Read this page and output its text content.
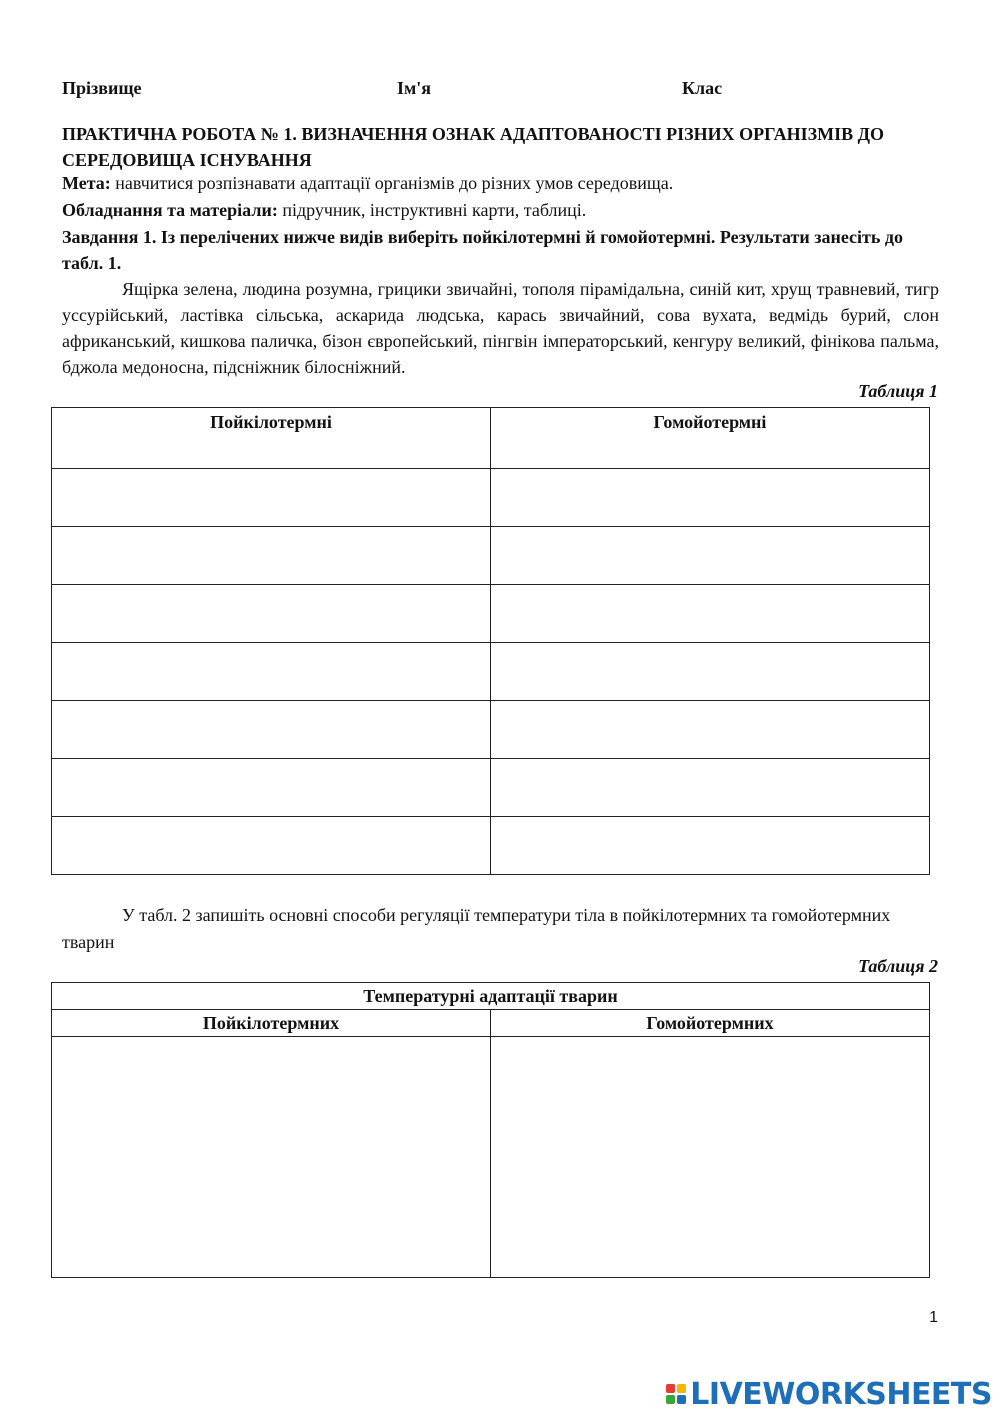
Прізвище	Ім'я	Клас
ПРАКТИЧНА РОБОТА № 1. ВИЗНАЧЕННЯ ОЗНАК АДАПТОВАНОСТІ РІЗНИХ ОРГАНІЗМІВ ДО СЕРЕДОВИЩА ІСНУВАННЯ
Мета: навчитися розпізнавати адаптації організмів до різних умов середовища.
Обладнання та матеріали: підручник, інструктивні карти, таблиці.
Завдання 1. Із перелічених нижче видів виберіть пойкілотермні й гомойотермні. Результати занесіть до табл. 1.
Ящірка зелена, людина розумна, грицики звичайні, тополя пірамідальна, синій кит, хрущ травневий, тигр уссурійський, ластівка сільська, аскарида людська, карась звичайний, сова вухата, ведмідь бурий, слон африканський, кишкова паличка, бізон європейський, пінгвін імператорський, кенгуру великий, фінікова пальма, бджола медоносна, підсніжник білосніжний.
Таблиця 1
Пойкілотермні	Гомойотермні

У табл. 2 запишіть основні способи регуляції температури тіла в пойкілотермних та гомойотермних тварин
Таблиця 2
Температурні адаптації тварин	
Пойкілотермних	Гомойотермних

1
LIVEWORKSHEETS
